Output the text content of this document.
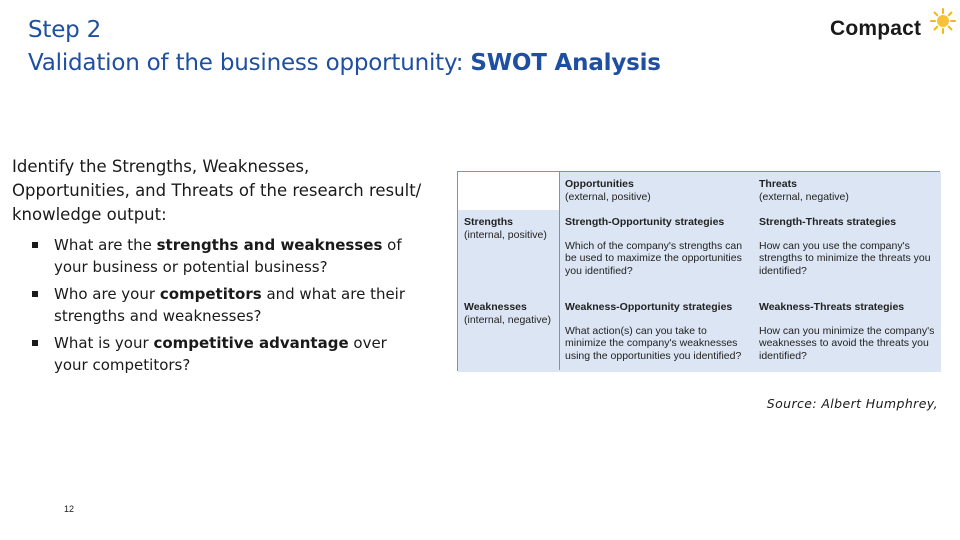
Step 2
Validation of the business opportunity: SWOT Analysis
Compact
Identify the Strengths, Weaknesses, Opportunities, and Threats of the research result/ knowledge output:
What are the strengths and weaknesses of your business or potential business?
Who are your competitors and what are their strengths and weaknesses?
What is your competitive advantage over your competitors?
Opportunities
(external, positive)
Threats
(external, negative)
Strengths
(internal, positive)
Strength-Opportunity strategies
Which of the company's strengths can be used to maximize the opportunities you identified?
Strength-Threats strategies
How can you use the company's strengths to minimize the threats you identified?
Weaknesses
(internal, negative)
Weakness-Opportunity strategies
What action(s) can you take to minimize the company's weaknesses using the opportunities you identified?
Weakness-Threats strategies
How can you minimize the company's weaknesses to avoid the threats you identified?
Source: Albert Humphrey,
12
